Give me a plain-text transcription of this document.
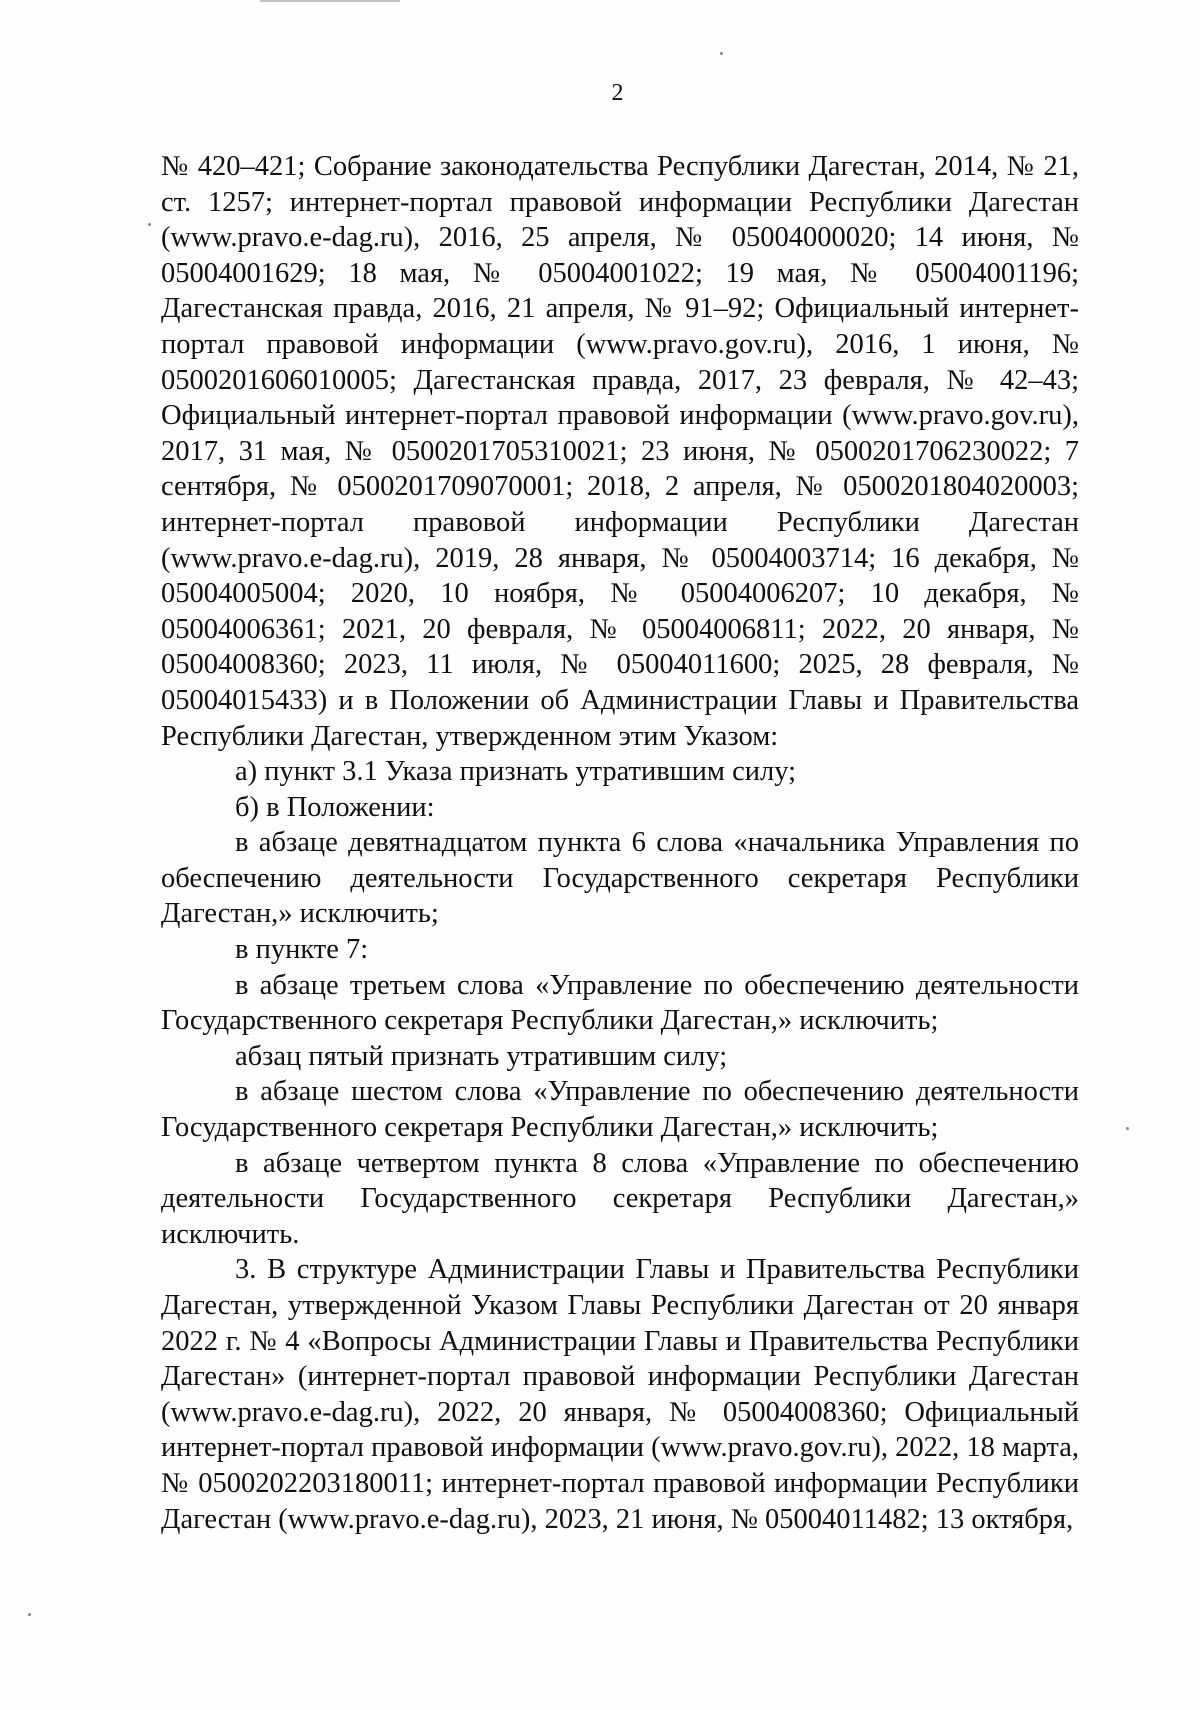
2

№ 420–421; Собрание законодательства Республики Дагестан, 2014, № 21, ст. 1257; интернет-портал правовой информации Республики Дагестан (www.pravo.e-dag.ru), 2016, 25 апреля, № 05004000020; 14 июня, № 05004001629; 18 мая, № 05004001022; 19 мая, № 05004001196; Дагестанская правда, 2016, 21 апреля, № 91–92; Официальный интернет-портал правовой информации (www.pravo.gov.ru), 2016, 1 июня, № 0500201606010005; Дагестанская правда, 2017, 23 февраля, № 42–43; Официальный интернет-портал правовой информации (www.pravo.gov.ru), 2017, 31 мая, № 0500201705310021; 23 июня, № 0500201706230022; 7 сентября, № 0500201709070001; 2018, 2 апреля, № 0500201804020003; интернет-портал правовой информации Республики Дагестан (www.pravo.e-dag.ru), 2019, 28 января, № 05004003714; 16 декабря, № 05004005004; 2020, 10 ноября, № 05004006207; 10 декабря, № 05004006361; 2021, 20 февраля, № 05004006811; 2022, 20 января, № 05004008360; 2023, 11 июля, № 05004011600; 2025, 28 февраля, № 05004015433) и в Положении об Администрации Главы и Правительства Республики Дагестан, утвержденном этим Указом:

а) пункт 3.1 Указа признать утратившим силу;

б) в Положении:

в абзаце девятнадцатом пункта 6 слова «начальника Управления по обеспечению деятельности Государственного секретаря Республики Дагестан,» исключить;

в пункте 7:

в абзаце третьем слова «Управление по обеспечению деятельности Государственного секретаря Республики Дагестан,» исключить;

абзац пятый признать утратившим силу;

в абзаце шестом слова «Управление по обеспечению деятельности Государственного секретаря Республики Дагестан,» исключить;

в абзаце четвертом пункта 8 слова «Управление по обеспечению деятельности Государственного секретаря Республики Дагестан,» исключить.

3. В структуре Администрации Главы и Правительства Республики Дагестан, утвержденной Указом Главы Республики Дагестан от 20 января 2022 г. № 4 «Вопросы Администрации Главы и Правительства Республики Дагестан» (интернет-портал правовой информации Республики Дагестан (www.pravo.e-dag.ru), 2022, 20 января, № 05004008360; Официальный интернет-портал правовой информации (www.pravo.gov.ru), 2022, 18 марта, № 0500202203180011; интернет-портал правовой информации Республики Дагестан (www.pravo.e-dag.ru), 2023, 21 июня, № 05004011482; 13 октября,
